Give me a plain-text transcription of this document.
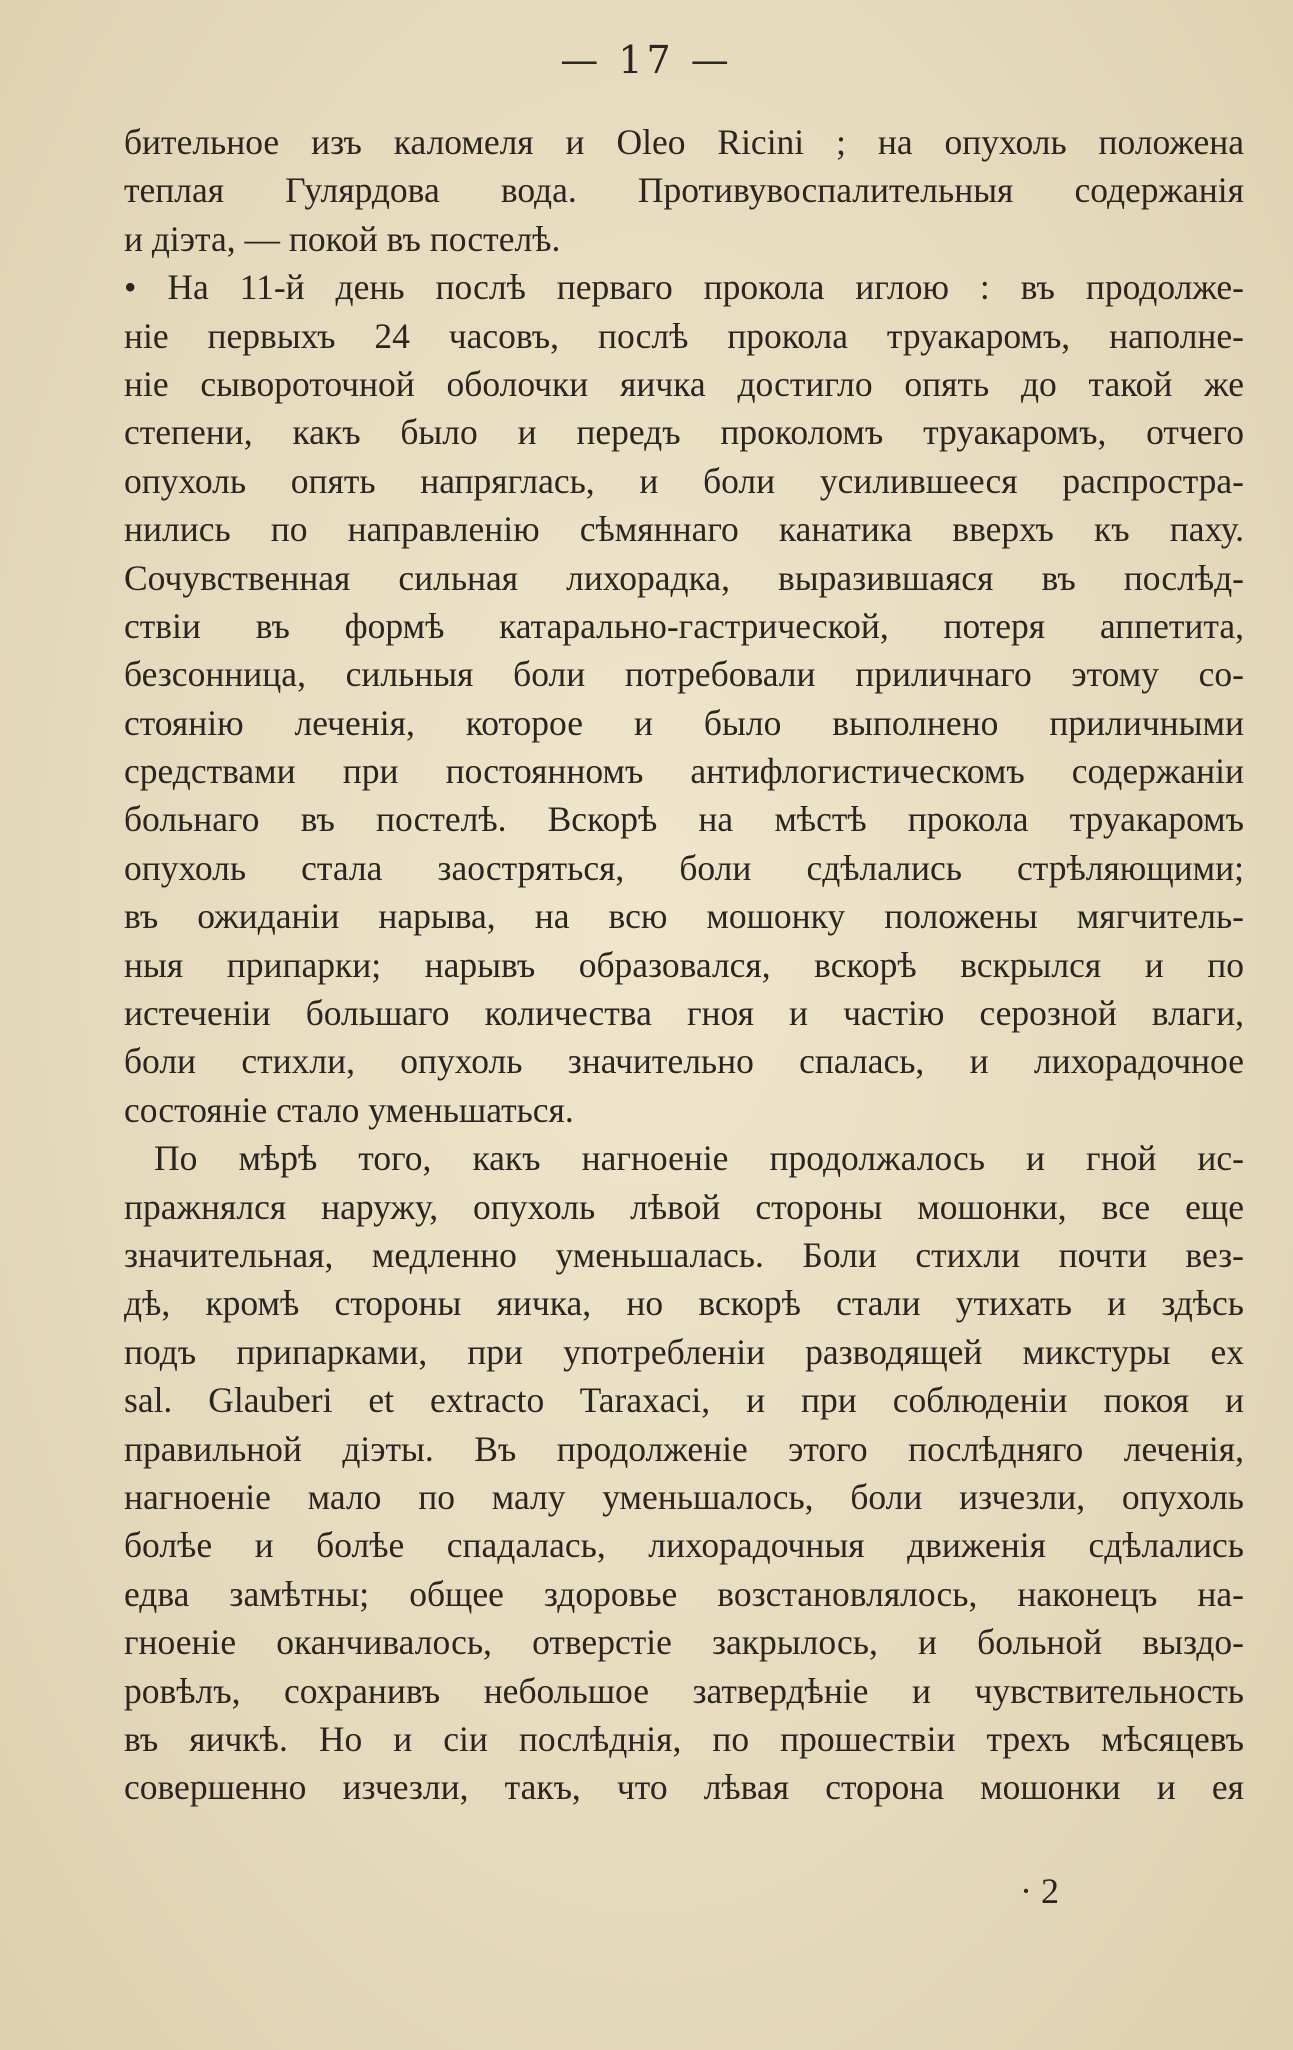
— 17 —
бительное изъ каломеля и Oleo Ricini ; на опухоль положена
теплая Гулярдова вода. Противувоспалительныя содержанія
и діэта, — покой въ постелѣ.
• На 11-й день послѣ перваго прокола иглою : въ продолже-
ніе первыхъ 24 часовъ, послѣ прокола труакаромъ, наполне-
ніе сывороточной оболочки яичка достигло опять до такой же
степени, какъ было и передъ проколомъ труакаромъ, отчего
опухоль опять напряглась, и боли усилившееся распростра-
нились по направленію сѣмяннаго канатика вверхъ къ паху.
Сочувственная сильная лихорадка, выразившаяся въ послѣд-
ствіи въ формѣ катарально-гастрической, потеря аппетита,
безсонница, сильныя боли потребовали приличнаго этому со-
стоянію леченія, которое и было выполнено приличными
средствами при постоянномъ антифлогистическомъ содержаніи
больнаго въ постелѣ. Вскорѣ на мѣстѣ прокола труакаромъ
опухоль стала заостряться, боли сдѣлались стрѣляющими;
въ ожиданіи нарыва, на всю мошонку положены мягчитель-
ныя припарки; нарывъ образовался, вскорѣ вскрылся и по
истеченіи большаго количества гноя и частію серозной влаги,
боли стихли, опухоль значительно спалась, и лихорадочное
состояніе стало уменьшаться.
По мѣрѣ того, какъ нагноеніе продолжалось и гной ис-
пражнялся наружу, опухоль лѣвой стороны мошонки, все еще
значительная, медленно уменьшалась. Боли стихли почти вез-
дѣ, кромѣ стороны яичка, но вскорѣ стали утихать и здѣсь
подъ припарками, при употребленіи разводящей микстуры ex
sal. Glauberi et extracto Taraxaci, и при соблюденіи покоя и
правильной діэты. Въ продолженіе этого послѣдняго леченія,
нагноеніе мало по малу уменьшалось, боли изчезли, опухоль
болѣе и болѣе спадалась, лихорадочныя движенія сдѣлались
едва замѣтны; общее здоровье возстановлялось, наконецъ на-
гноеніе оканчивалось, отверстіе закрылось, и больной выздо-
ровѣлъ, сохранивъ небольшое затвердѣніе и чувствительность
въ яичкѣ. Но и сіи послѣднія, по прошествіи трехъ мѣсяцевъ
совершенно изчезли, такъ, что лѣвая сторона мошонки и ея
· 2
